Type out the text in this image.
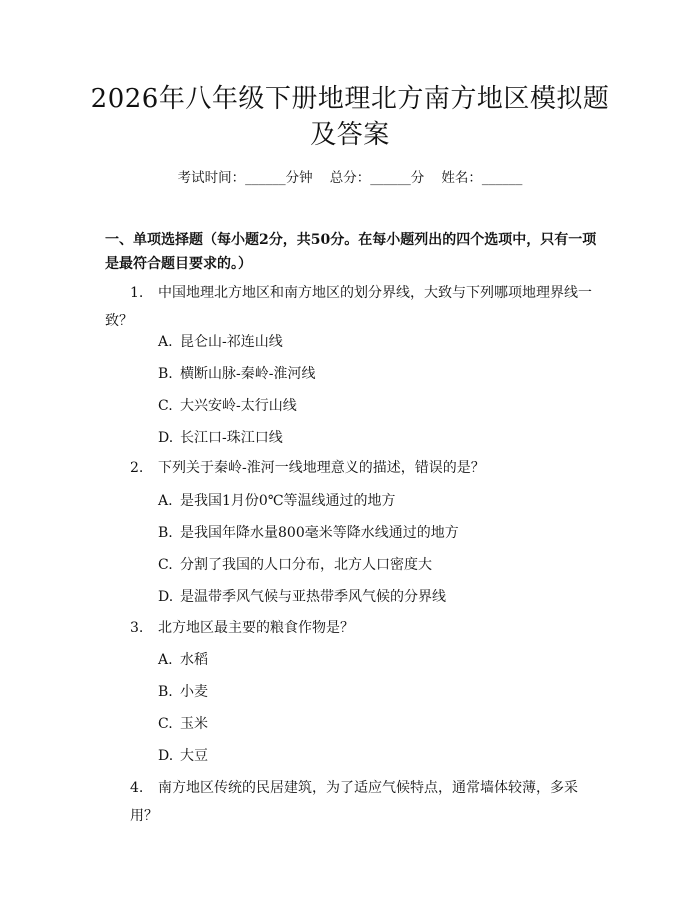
2026年八年级下册地理北方南方地区模拟题
及答案
考试时间：______分钟    总分：______分    姓名：______
一、单项选择题（每小题2分，共50分。在每小题列出的四个选项中，只有一项是最符合题目要求的。）
1. 中国地理北方地区和南方地区的划分界线，大致与下列哪项地理界线一
致？
A. 昆仑山-祁连山线
B. 横断山脉-秦岭-淮河线
C. 大兴安岭-太行山线
D. 长江口-珠江口线
2. 下列关于秦岭-淮河一线地理意义的描述，错误的是？
A. 是我国1月份0℃等温线通过的地方
B. 是我国年降水量800毫米等降水线通过的地方
C. 分割了我国的人口分布，北方人口密度大
D. 是温带季风气候与亚热带季风气候的分界线
3. 北方地区最主要的粮食作物是？
A. 水稻
B. 小麦
C. 玉米
D. 大豆
4. 南方地区传统的民居建筑，为了适应气候特点，通常墙体较薄，多采用？
